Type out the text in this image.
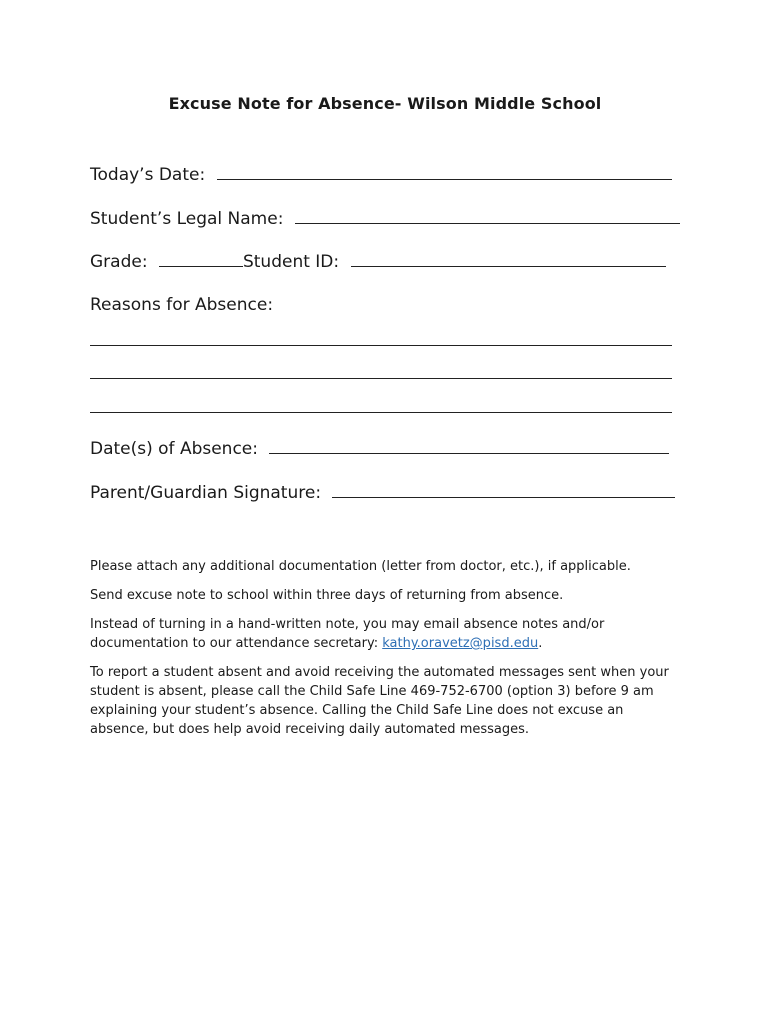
Excuse Note for Absence- Wilson Middle School
Today’s Date:
Student’s Legal Name:
Grade:	Student ID:
Reasons for Absence:
Date(s) of Absence:
Parent/Guardian Signature:
Please attach any additional documentation (letter from doctor, etc.), if applicable.
Send excuse note to school within three days of returning from absence.
Instead of turning in a hand-written note, you may email absence notes and/or documentation to our attendance secretary: kathy.oravetz@pisd.edu.
To report a student absent and avoid receiving the automated messages sent when your student is absent, please call the Child Safe Line 469-752-6700 (option 3) before 9 am explaining your student’s absence. Calling the Child Safe Line does not excuse an absence, but does help avoid receiving daily automated messages.
